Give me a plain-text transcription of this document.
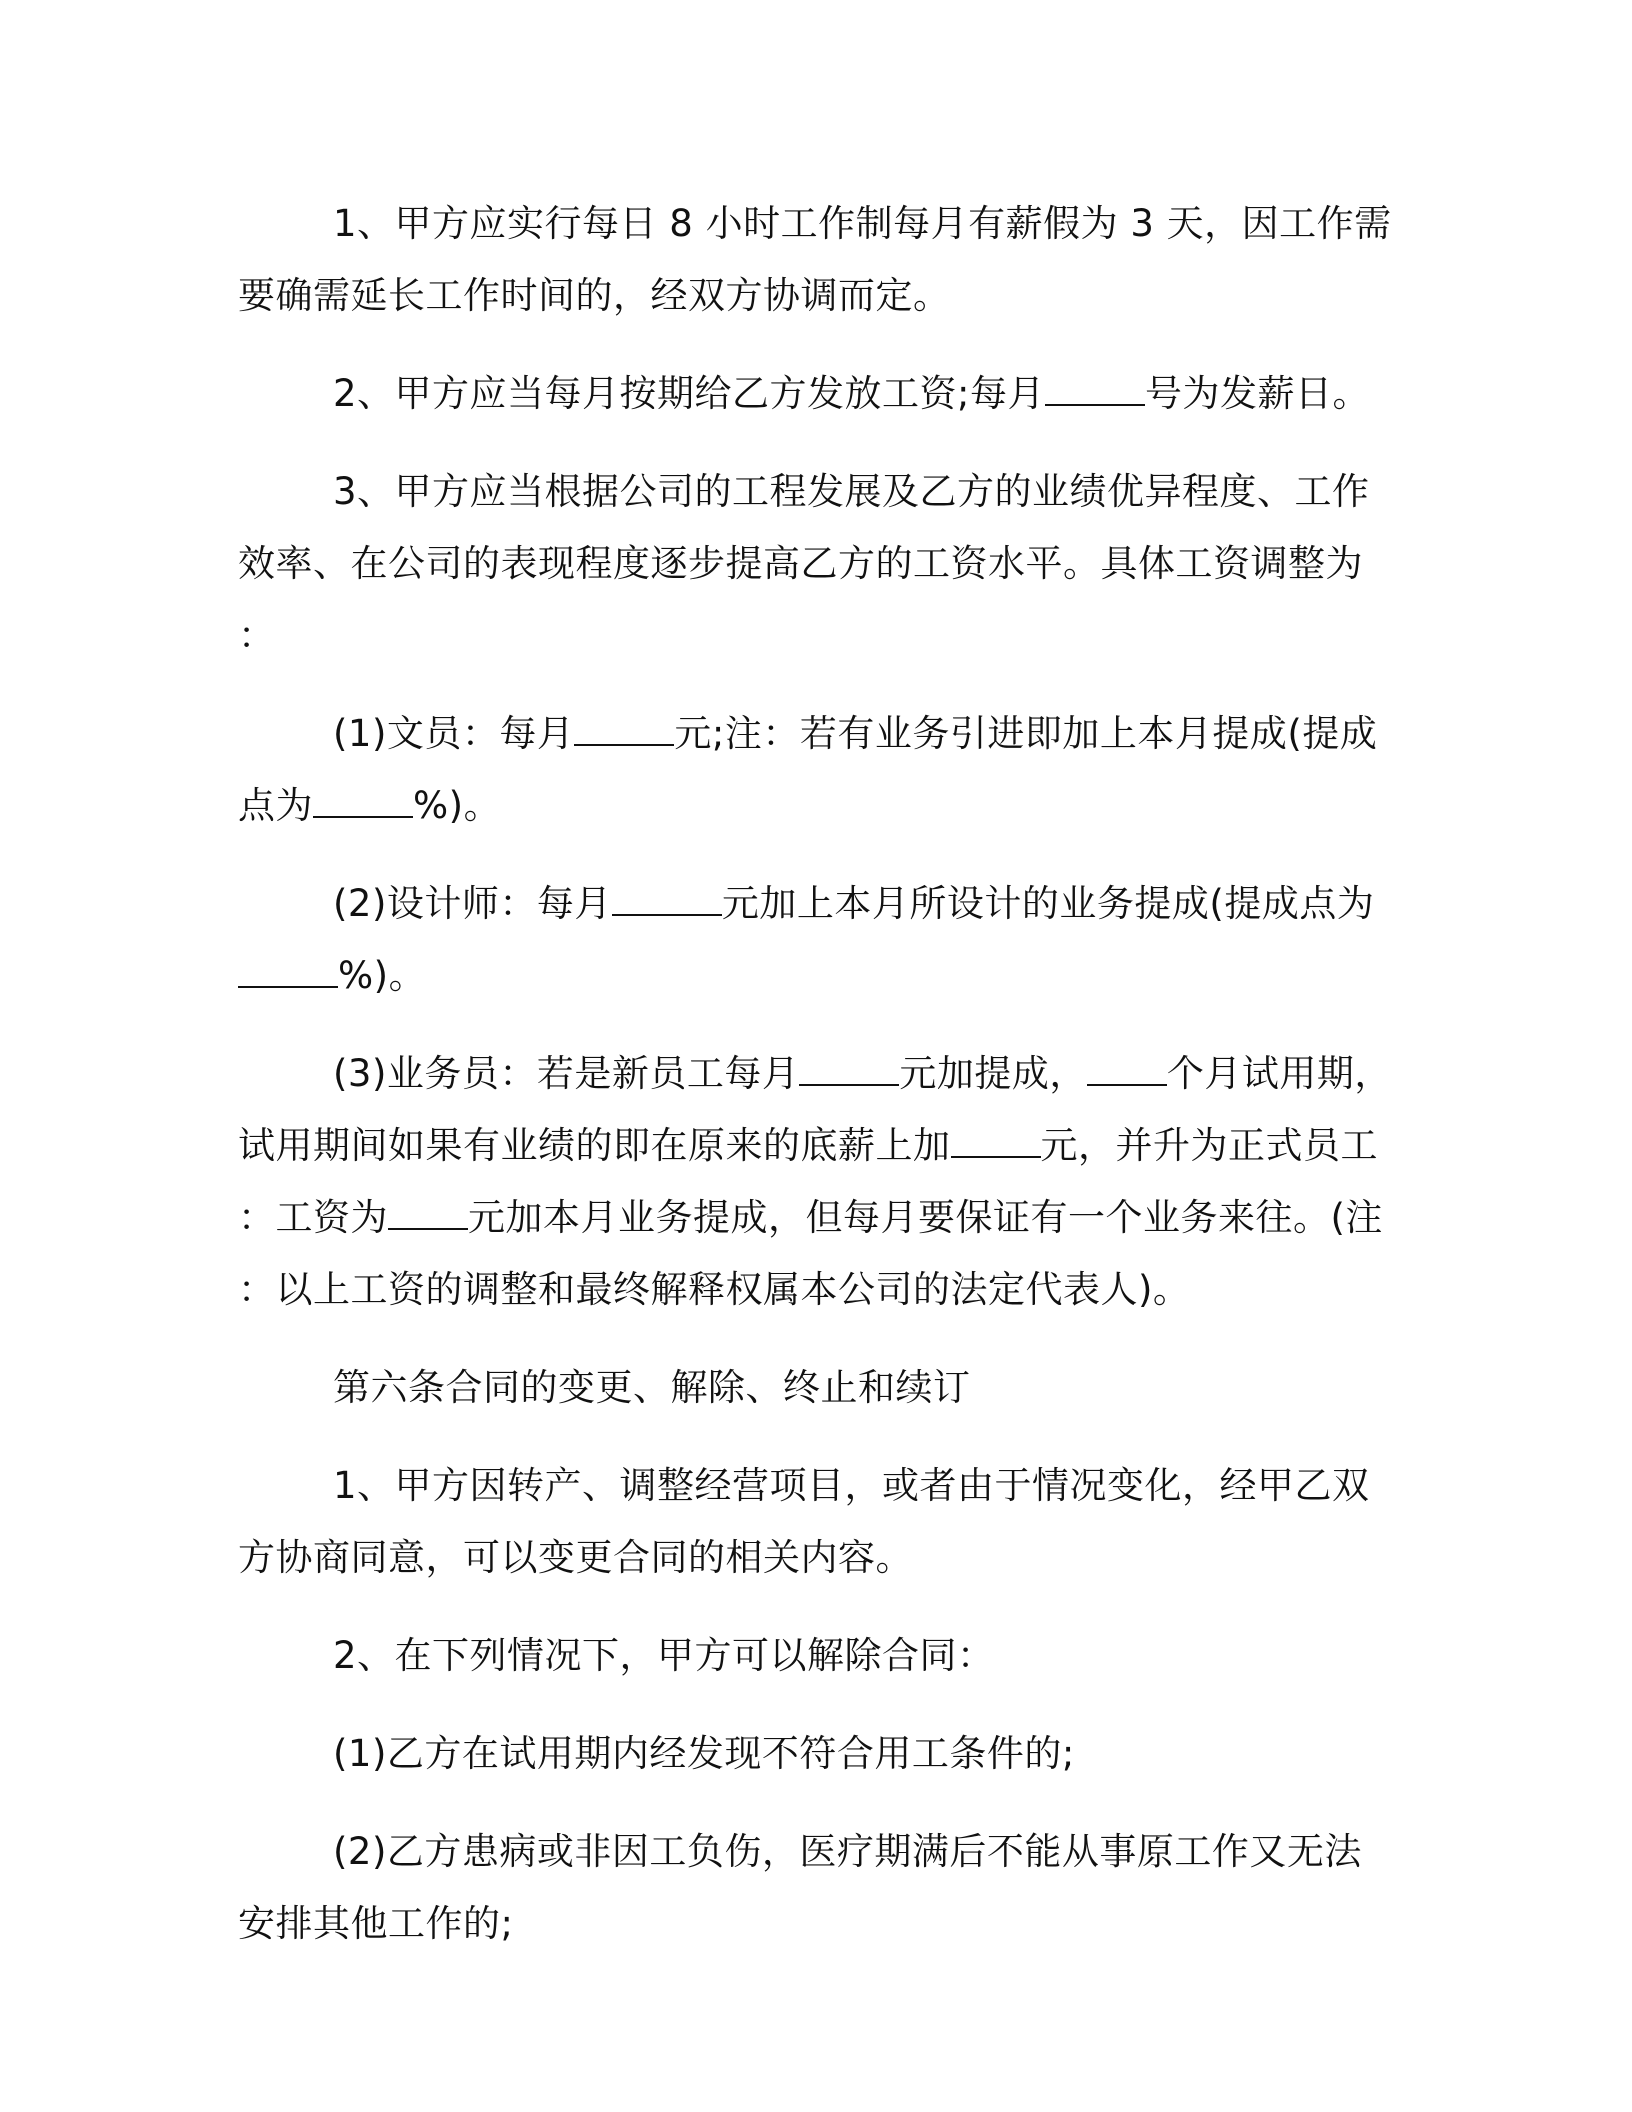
1、甲方应实行每日 8 小时工作制每月有薪假为 3 天，因工作需要确需延长工作时间的，经双方协调而定。

2、甲方应当每月按期给乙方发放工资;每月	号为发薪日。

3、甲方应当根据公司的工程发展及乙方的业绩优异程度、工作效率、在公司的表现程度逐步提高乙方的工资水平。具体工资调整为：

(1)文员：每月	元;注：若有业务引进即加上本月提成(提成点为	%)。

(2)设计师：每月	元加上本月所设计的业务提成(提成点为%)。

(3)业务员：若是新员工每月	元加提成， 个月试用期，试用期间如果有业绩的即在原来的底薪上加 元，并升为正式员工：工资为 元加本月业务提成，但每月要保证有一个业务来往。(注：以上工资的调整和最终解释权属本公司的法定代表人)。

第六条合同的变更、解除、终止和续订

1、甲方因转产、调整经营项目，或者由于情况变化，经甲乙双方协商同意，可以变更合同的相关内容。

2、在下列情况下，甲方可以解除合同：

(1)乙方在试用期内经发现不符合用工条件的;

(2)乙方患病或非因工负伤，医疗期满后不能从事原工作又无法安排其他工作的;
